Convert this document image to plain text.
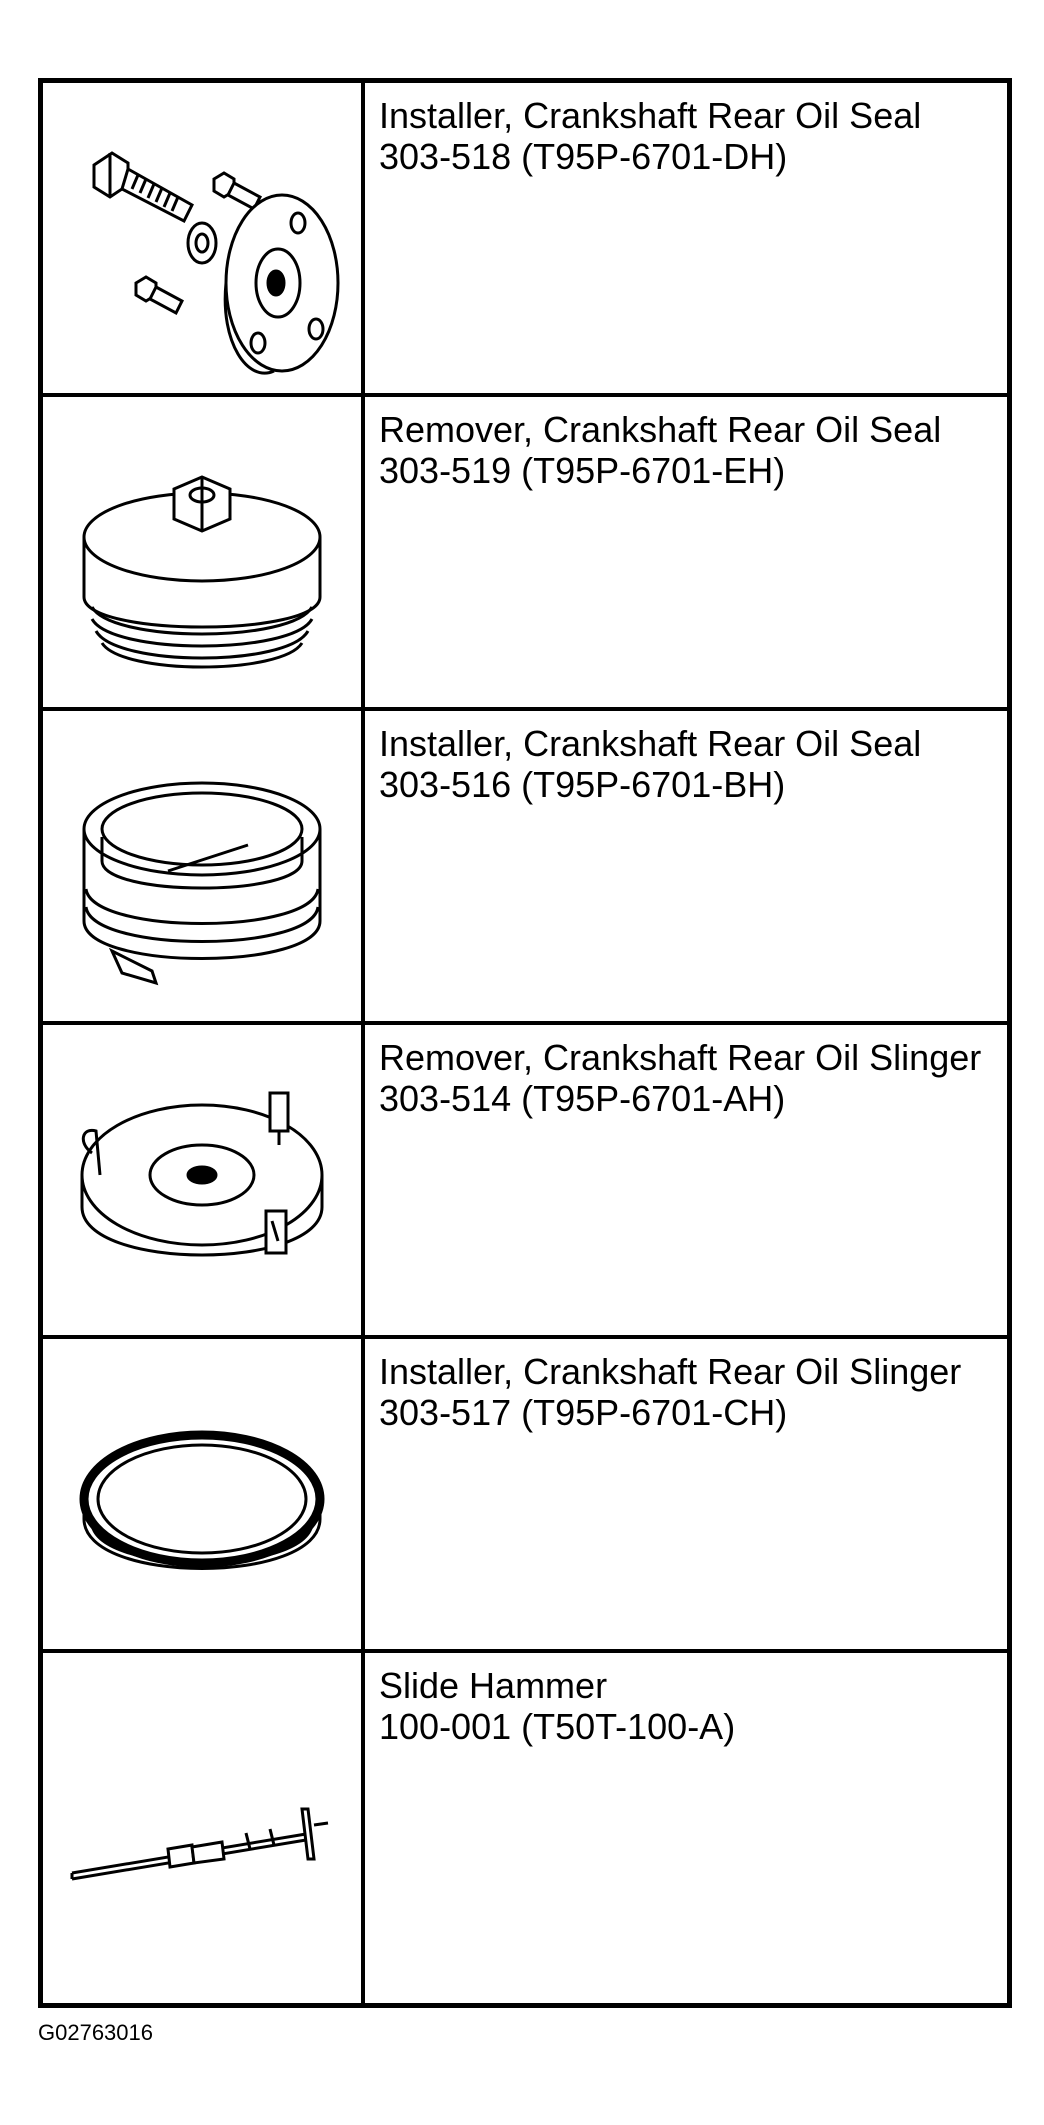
Installer, Crankshaft Rear Oil Seal
303-518 (T95P-6701-DH)
Remover, Crankshaft Rear Oil Seal
303-519 (T95P-6701-EH)
Installer, Crankshaft Rear Oil Seal
303-516 (T95P-6701-BH)
Remover, Crankshaft Rear Oil Slinger
303-514 (T95P-6701-AH)
Installer, Crankshaft Rear Oil Slinger
303-517 (T95P-6701-CH)
Slide Hammer
100-001 (T50T-100-A)
G02763016
